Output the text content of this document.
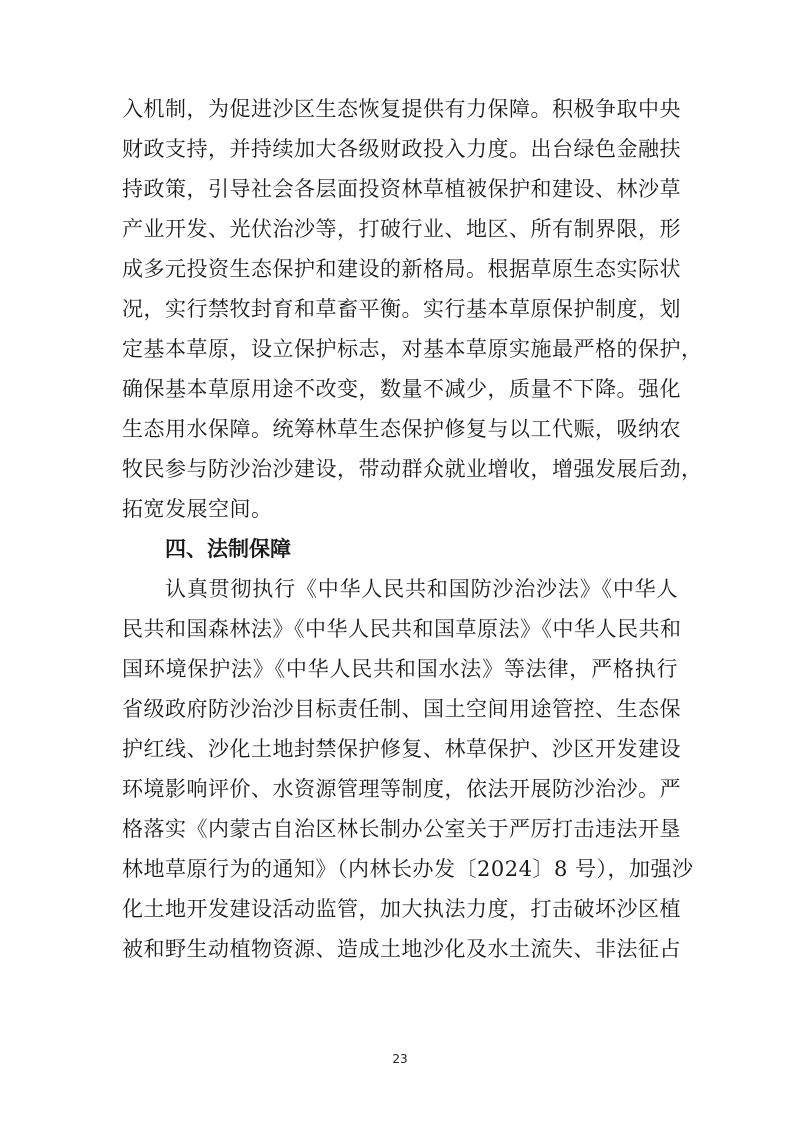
入机制，为促进沙区生态恢复提供有力保障。积极争取中央
财政支持，并持续加大各级财政投入力度。出台绿色金融扶
持政策，引导社会各层面投资林草植被保护和建设、林沙草
产业开发、光伏治沙等，打破行业、地区、所有制界限，形
成多元投资生态保护和建设的新格局。根据草原生态实际状
况，实行禁牧封育和草畜平衡。实行基本草原保护制度，划
定基本草原，设立保护标志，对基本草原实施最严格的保护，
确保基本草原用途不改变，数量不减少，质量不下降。强化
生态用水保障。统筹林草生态保护修复与以工代赈，吸纳农
牧民参与防沙治沙建设，带动群众就业增收，增强发展后劲，
拓宽发展空间。
四、法制保障
认真贯彻执行《中华人民共和国防沙治沙法》《中华人
民共和国森林法》《中华人民共和国草原法》《中华人民共和
国环境保护法》《中华人民共和国水法》等法律，严格执行
省级政府防沙治沙目标责任制、国土空间用途管控、生态保
护红线、沙化土地封禁保护修复、林草保护、沙区开发建设
环境影响评价、水资源管理等制度，依法开展防沙治沙。严
格落实《内蒙古自治区林长制办公室关于严厉打击违法开垦
林地草原行为的通知》（内林长办发〔2024〕8 号），加强沙
化土地开发建设活动监管，加大执法力度，打击破坏沙区植
被和野生动植物资源、造成土地沙化及水土流失、非法征占
23
